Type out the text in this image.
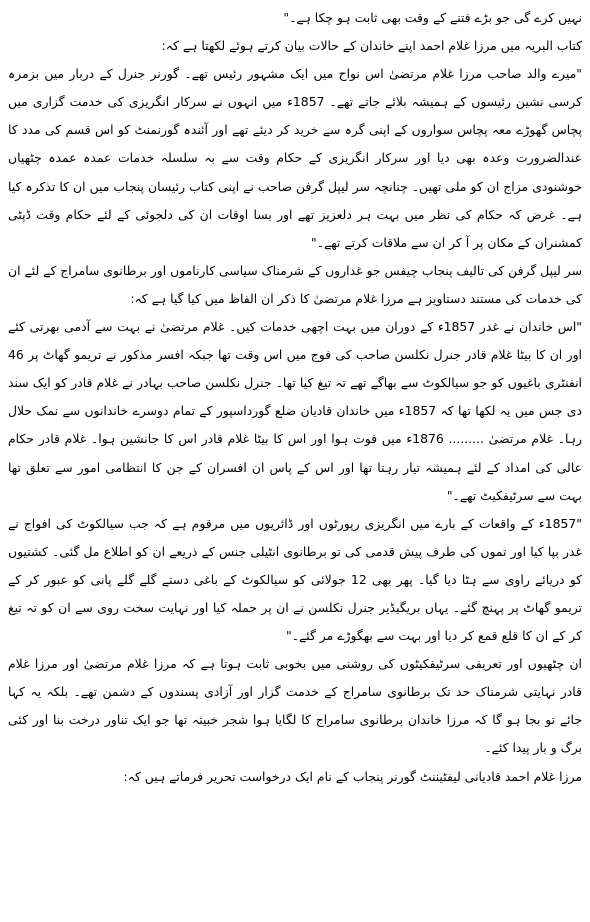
نہیں کرے گی جو بڑے فتنے کے وقت بھی ثابت ہو چکا ہے۔"

کتاب البریہ میں مرزا غلام احمد اپنے خاندان کے حالات بیان کرتے ہوئے لکھتا ہے کہ:

"میرے والد صاحب مرزا غلام مرتضیٰ اس نواح میں ایک مشہور رئیس تھے۔ گورنر جنرل کے دربار میں بزمرہ کرسی نشین رئیسوں کے ہمیشہ بلائے جاتے تھے۔ 1857ء میں انہوں نے سرکار انگریزی کی خدمت گزاری میں پچاس گھوڑے معہ پچاس سواروں کے اپنی گرہ سے خرید کر دیئے تھے اور آئندہ گورنمنٹ کو اس قسم کی مدد کا عندالضرورت وعدہ بھی دیا اور سرکار انگریزی کے حکام وقت سے بہ سلسلہ خدمات عمدہ عمدہ چٹھیاں خوشنودی مزاج ان کو ملی تھیں۔ چنانچہ سر لیپل گرفن صاحب نے اپنی کتاب رئیسان پنجاب میں ان کا تذکرہ کیا ہے۔ غرض کہ حکام کی نظر میں بہت ہر دلعزیز تھے اور بسا اوقات ان کی دلجوئی کے لئے حکام وقت ڈپٹی کمشنران کے مکان پر آ کر ان سے ملاقات کرتے تھے۔"

سر لیپل گرفن کی تالیف پنجاب چیفس جو غداروں کے شرمناک سیاسی کارناموں اور برطانوی سامراج کے لئے ان کی خدمات کی مستند دستاویز ہے مرزا غلام مرتضیٰ کا ذکر ان الفاظ میں کیا گیا ہے کہ:

"اس خاندان نے غدر 1857ء کے دوران میں بہت اچھی خدمات کیں۔ غلام مرتضیٰ نے بہت سے آدمی بھرتی کئے اور ان کا بیٹا غلام قادر جنرل نکلسن صاحب کی فوج میں اس وقت تھا جبکہ افسر مذکور نے تریمو گھاٹ پر 46 انفنٹری باغیوں کو جو سیالکوٹ سے بھاگے تھے تہ تیغ کیا تھا۔ جنرل نکلسن صاحب بہادر نے غلام قادر کو ایک سند دی جس میں یہ لکھا تھا کہ 1857ء میں خاندان قادیان ضلع گورداسپور کے تمام دوسرے خاندانوں سے نمک حلال رہا۔ غلام مرتضیٰ ......... 1876ء میں فوت ہوا اور اس کا بیٹا غلام قادر اس کا جانشین ہوا۔ غلام قادر حکام عالی کی امداد کے لئے ہمیشہ تیار رہتا تھا اور اس کے پاس ان افسران کے جن کا انتظامی امور سے تعلق تھا بہت سے سرٹیفکیٹ تھے۔"

"1857ء کے واقعات کے بارے میں انگریزی رپورٹوں اور ڈائریوں میں مرقوم ہے کہ جب سیالکوٹ کی افواج نے غدر بپا کیا اور تموں کی طرف پیش قدمی کی تو برطانوی انٹیلی جنس کے ذریعے ان کو اطلاع مل گئی۔ کشتیوں کو دریائے راوی سے ہٹا دیا گیا۔ پھر بھی 12 جولائی کو سیالکوٹ کے باغی دستے گلے گلے پانی کو عبور کر کے تریمو گھاٹ پر پہنچ گئے۔ یہاں بریگیڈیر جنرل نکلسن نے ان پر حملہ کیا اور نہایت سخت روی سے ان کو تہ تیغ کر کے ان کا قلع قمع کر دیا اور بہت سے بھگوڑے مر گئے۔"

ان چٹھیوں اور تعریفی سرٹیفکیٹوں کی روشنی میں بخوبی ثابت ہوتا ہے کہ مرزا غلام مرتضیٰ اور مرزا غلام قادر نہایتی شرمناک حد تک برطانوی سامراج کے خدمت گزار اور آزادی پسندوں کے دشمن تھے۔ بلکہ یہ کہا جائے تو بجا ہو گا کہ مرزا خاندان برطانوی سامراج کا لگایا ہوا شجر خبیثہ تھا جو ایک تناور درخت بنا اور کئی برگ و بار پیدا کئے۔

مرزا غلام احمد قادیانی لیفٹیننٹ گورنر پنجاب کے نام ایک درخواست تحریر فرماتے ہیں کہ:
